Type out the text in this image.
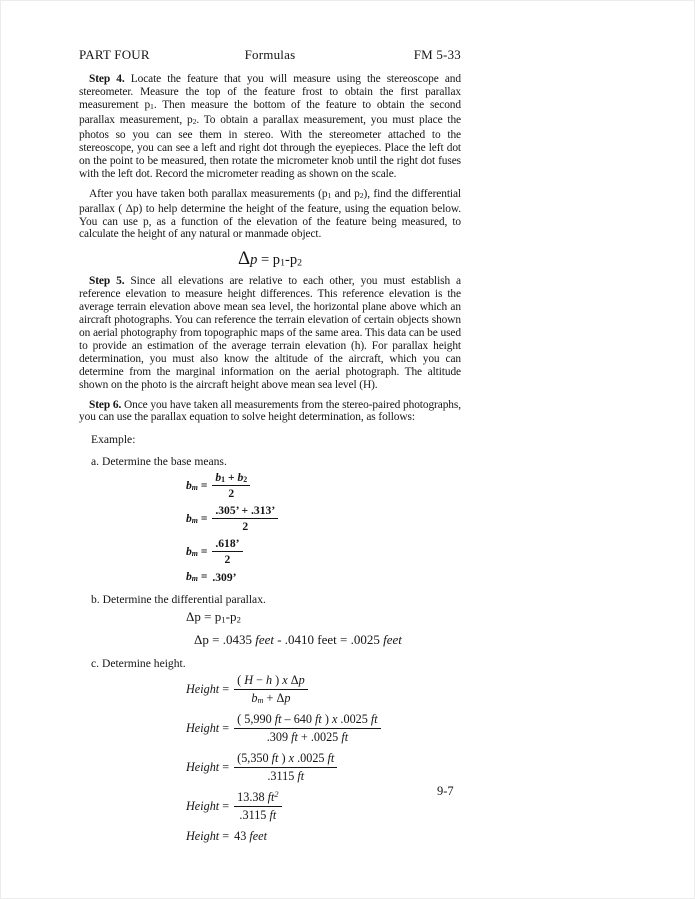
PART FOUR	Formulas	FM 5-33

Step 4. Locate the feature that you will measure using the stereoscope and stereometer. Measure the top of the feature frost to obtain the first parallax measurement p1. Then measure the bottom of the feature to obtain the second parallax measurement, p2. To obtain a parallax measurement, you must place the photos so you can see them in stereo. With the stereometer attached to the stereoscope, you can see a left and right dot through the eyepieces. Place the left dot on the point to be measured, then rotate the micrometer knob until the right dot fuses with the left dot. Record the micrometer reading as shown on the scale.

After you have taken both parallax measurements (p1 and p2), find the differential parallax ( Δp) to help determine the height of the feature, using the equation below. You can use p, as a function of the elevation of the feature being measured, to calculate the height of any natural or manmade object.

Δp = p1-p2

Step 5. Since all elevations are relative to each other, you must establish a reference elevation to measure height differences. This reference elevation is the average terrain elevation above mean sea level, the horizontal plane above which an aircraft photographs. You can reference the terrain elevation of certain objects shown on aerial photography from topographic maps of the same area. This data can be used to provide an estimation of the average terrain elevation (h). For parallax height determination, you must also know the altitude of the aircraft, which you can determine from the marginal information on the aerial photograph. The altitude shown on the photo is the aircraft height above mean sea level (H).

Step 6. Once you have taken all measurements from the stereo-paired photographs, you can use the parallax equation to solve height determination, as follows:

Example:

a. Determine the base means.

bm = $\frac{b1 + b2}{2}$
bm = $\frac{.305’ + .313’}{2}$
bm = $\frac{.618’}{2}$
bm = .309’

b. Determine the differential parallax.

Δp = p1-p2
Δp = .0435 feet - .0410 feet = .0025 feet

c. Determine height.

Height = $\frac{\text{( H − h ) x Δp}}{bm + \Delta p}$
Height = $\frac{( 5,990 ft - 640 ft ) x .0025 ft}{.309 ft + .0025 ft}$
Height = $\frac{(5,350 ft ) x .0025 ft}{.3115 ft}$
Height = $\frac{13.38 ft^2}{.3115 ft}$
Height = 43 feet
9-7
